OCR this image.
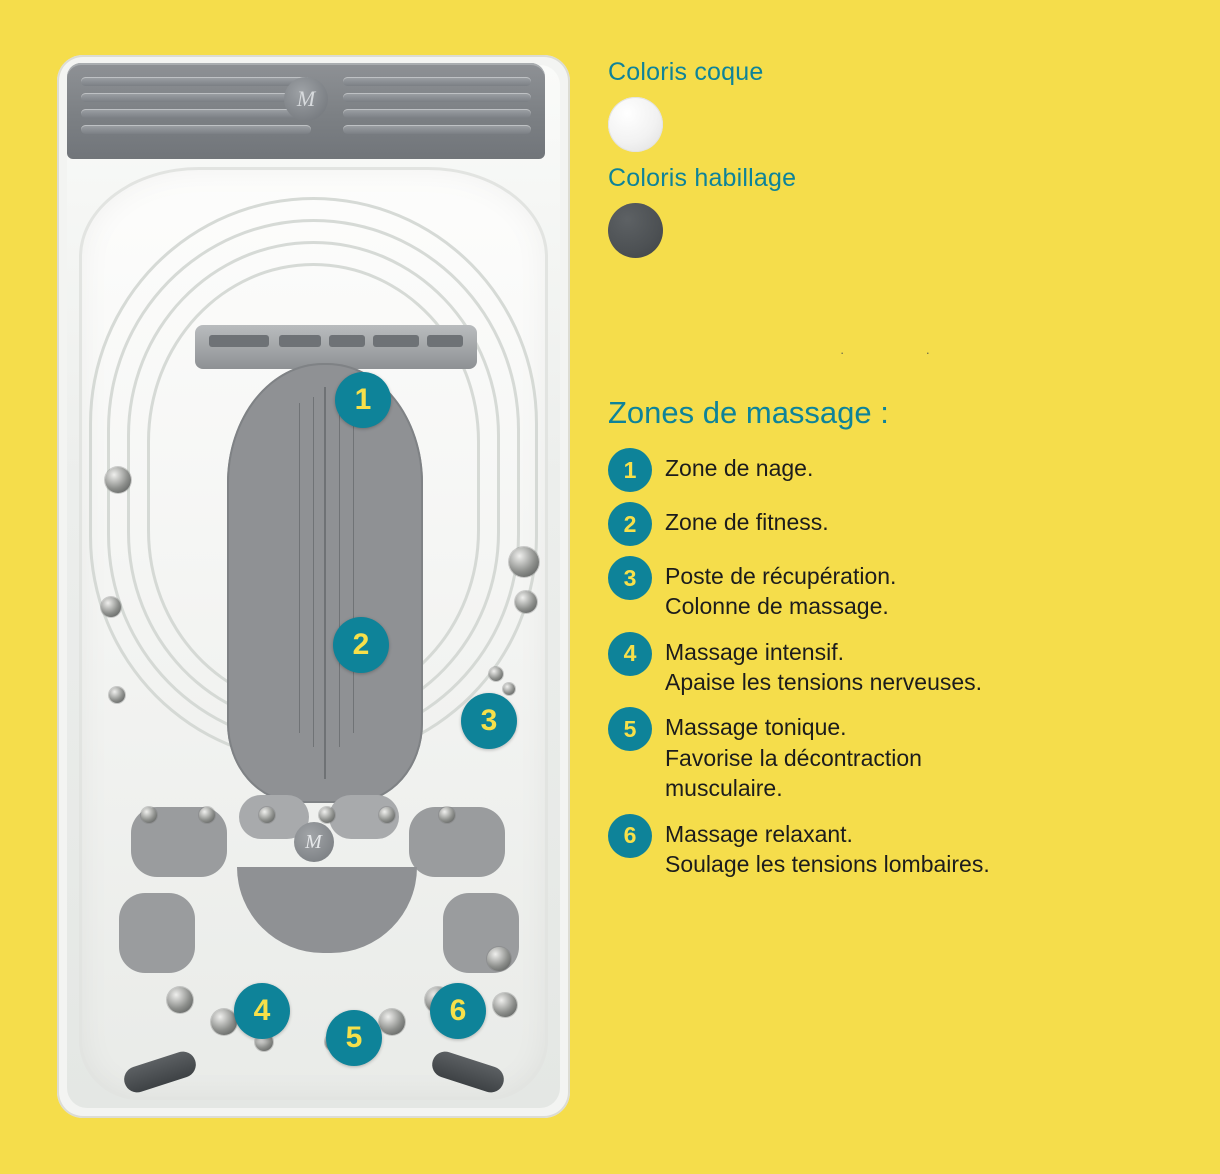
M
M
1
2
3
4
5
6
Coloris coque
Coloris habillage
·	·
Zones de massage :
1	Zone de nage.
2	Zone de fitness.
3	Poste de récupération.
Colonne de massage.
4	Massage intensif.
Apaise les tensions nerveuses.
5	Massage tonique.
Favorise la décontraction
musculaire.
6	Massage relaxant.
Soulage les tensions lombaires.
